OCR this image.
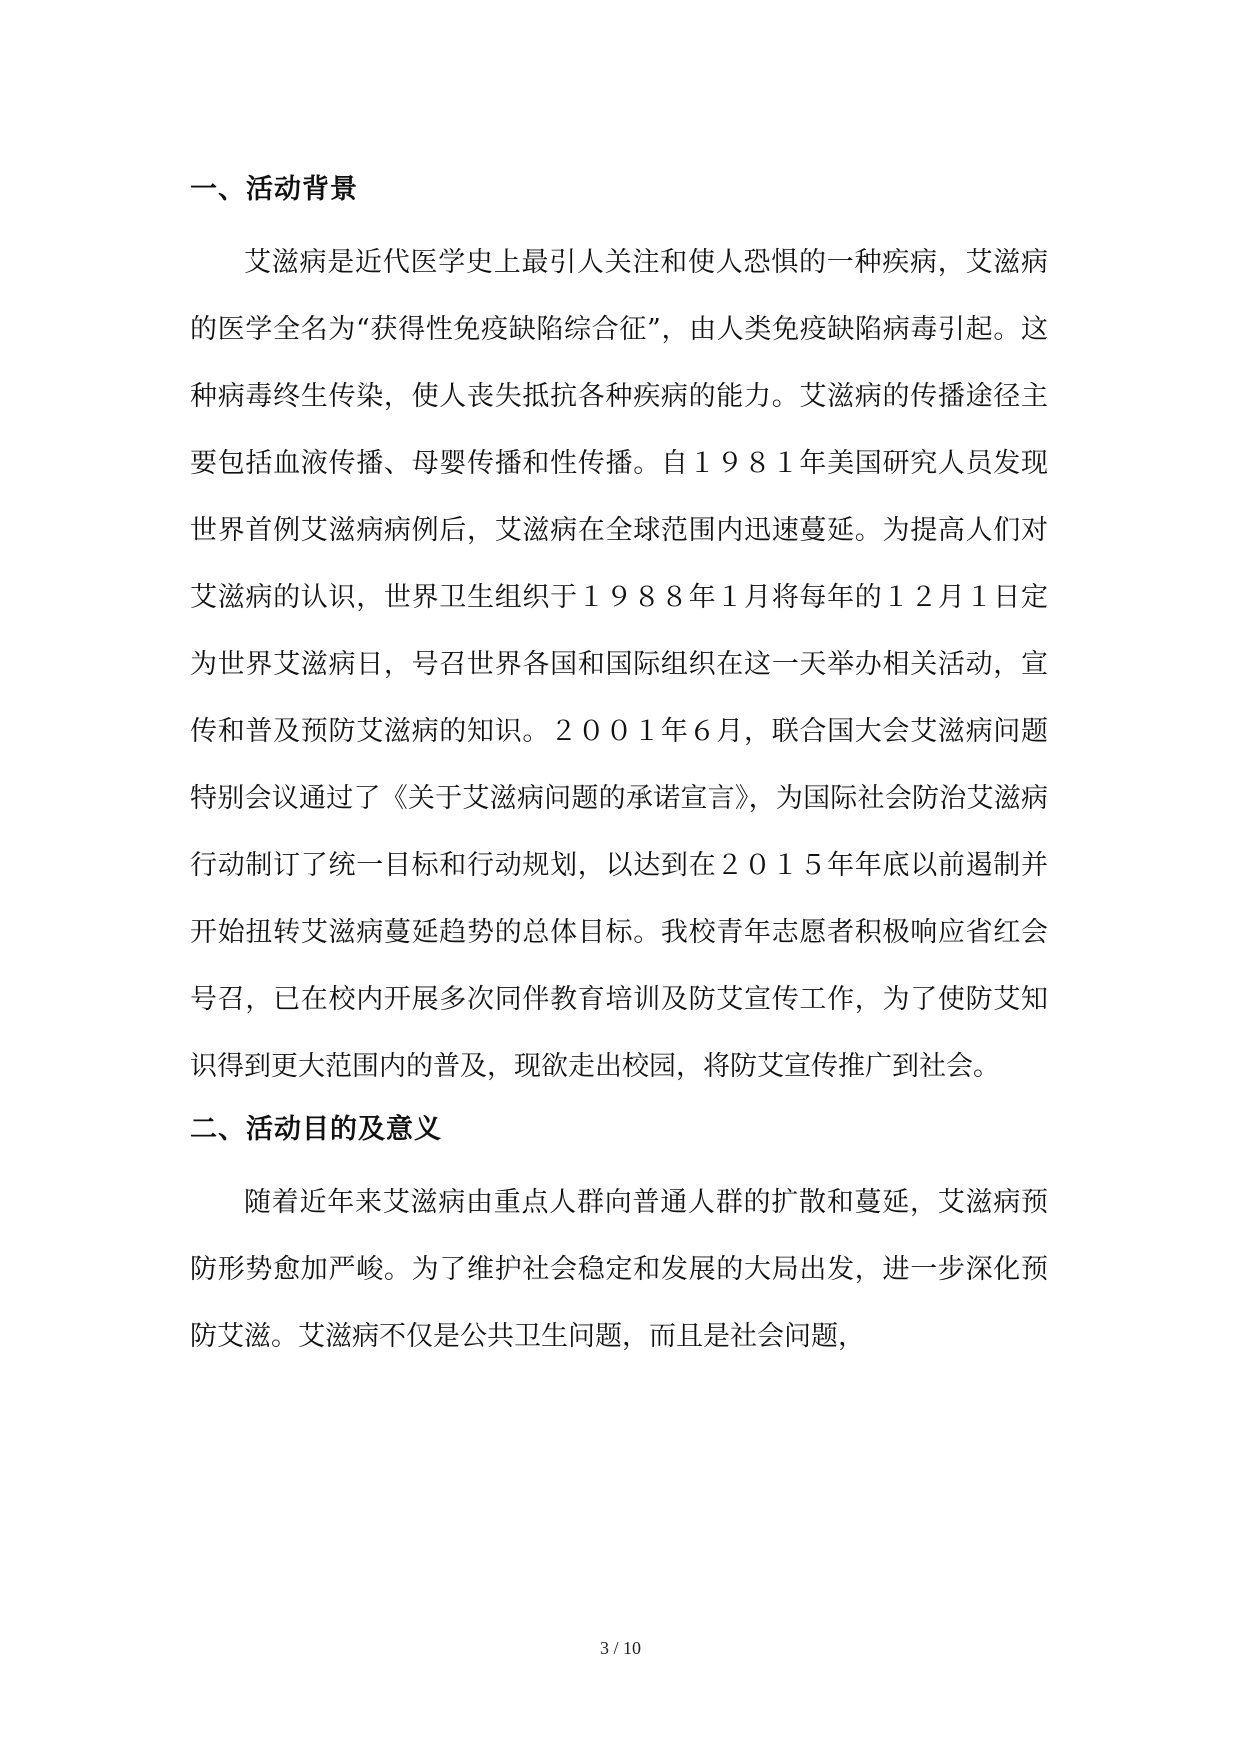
一、活动背景

艾滋病是近代医学史上最引人关注和使人恐惧的一种疾病，艾滋病的医学全名为“获得性免疫缺陷综合征”，由人类免疫缺陷病毒引起。这种病毒终生传染，使人丧失抵抗各种疾病的能力。艾滋病的传播途径主要包括血液传播、母婴传播和性传播。自１９８１年美国研究人员发现世界首例艾滋病病例后，艾滋病在全球范围内迅速蔓延。为提高人们对艾滋病的认识，世界卫生组织于１９８８年１月将每年的１２月１日定为世界艾滋病日，号召世界各国和国际组织在这一天举办相关活动，宣传和普及预防艾滋病的知识。２００１年６月，联合国大会艾滋病问题特别会议通过了《关于艾滋病问题的承诺宣言》，为国际社会防治艾滋病行动制订了统一目标和行动规划，以达到在２０１５年年底以前遏制并开始扭转艾滋病蔓延趋势的总体目标。我校青年志愿者积极响应省红会号召，已在校内开展多次同伴教育培训及防艾宣传工作，为了使防艾知识得到更大范围内的普及，现欲走出校园，将防艾宣传推广到社会。

二、活动目的及意义

随着近年来艾滋病由重点人群向普通人群的扩散和蔓延，艾滋病预防形势愈加严峻。为了维护社会稳定和发展的大局出发，进一步深化预防艾滋。艾滋病不仅是公共卫生问题，而且是社会问题，

3 / 10
